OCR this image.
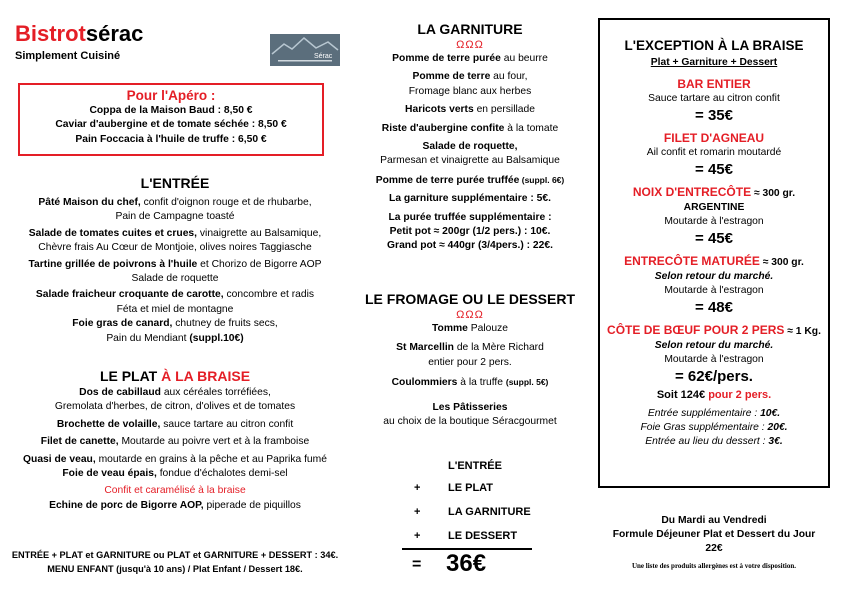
Bistrotsérac
Simplement Cuisiné	Sérac
Pour l'Apéro :
Coppa de la Maison Baud : 8,50 €
Caviar d'aubergine et de tomate séchée : 8,50 €
Pain Foccacia à l'huile de truffe : 6,50 €
L'ENTRÉE
Pâté Maison du chef, confit d'oignon rouge et de rhubarbe,
Pain de Campagne toasté
Salade de tomates cuites et crues, vinaigrette au Balsamique,
Chèvre frais Au Cœur de Montjoie, olives noires Taggiasche
Tartine grillée de poivrons à l'huile et Chorizo de Bigorre AOP
Salade de roquette
Salade fraicheur croquante de carotte, concombre et radis
Féta et miel de montagne
Foie gras de canard, chutney de fruits secs,
Pain du Mendiant (suppl.10€)
LE PLAT À LA BRAISE
Dos de cabillaud aux céréales torréfiées,
Gremolata d'herbes, de citron, d'olives et de tomates
Brochette de volaille, sauce tartare au citron confit
Filet de canette, Moutarde au poivre vert et à la framboise
Quasi de veau, moutarde en grains à la pêche et au Paprika fumé
Foie de veau épais, fondue d'échalotes demi-sel
Confit et caramélisé à la braise
Echine de porc de Bigorre AOP, piperade de piquillos
ENTRÉE + PLAT et GARNITURE ou PLAT et GARNITURE + DESSERT : 34€.
MENU ENFANT (jusqu'à 10 ans) / Plat Enfant / Dessert 18€.
LA GARNITURE
ΩΩΩ
Pomme de terre purée au beurre
Pomme de terre au four,
Fromage blanc aux herbes
Haricots verts en persillade
Riste d'aubergine confite à la tomate
Salade de roquette,
Parmesan et vinaigrette au Balsamique
Pomme de terre purée truffée (suppl. 6€)
La garniture supplémentaire : 5€.
La purée truffée supplémentaire :
Petit pot ≈ 200gr (1/2 pers.) : 10€.
Grand pot ≈ 440gr (3/4pers.) : 22€.
LE FROMAGE OU LE DESSERT
ΩΩΩ
Tomme Palouze
St Marcellin de la Mère Richard
entier pour 2 pers.
Coulommiers à la truffe (suppl. 5€)
Les Pâtisseries
au choix de la boutique Séracgourmet
L'ENTRÉE
+	LE PLAT
+	LA GARNITURE
+	LE DESSERT
= 36€
L'EXCEPTION À LA BRAISE
Plat + Garniture + Dessert
BAR ENTIER
Sauce tartare au citron confit
= 35€
FILET D'AGNEAU
Ail confit et romarin moutardé
= 45€
NOIX D'ENTRECÔTE ≈ 300 gr.
ARGENTINE
Moutarde à l'estragon
= 45€
ENTRECÔTE MATURÉE ≈ 300 gr.
Selon retour du marché.
Moutarde à l'estragon
= 48€
CÔTE DE BŒUF POUR 2 PERS ≈ 1 Kg.
Selon retour du marché.
Moutarde à l'estragon
= 62€/pers.
Soit 124€ pour 2 pers.
Entrée supplémentaire : 10€.
Foie Gras supplémentaire : 20€.
Entrée au lieu du dessert : 3€.
Du Mardi au Vendredi
Formule Déjeuner Plat et Dessert du Jour
22€
Une liste des produits allergènes est à votre disposition.
